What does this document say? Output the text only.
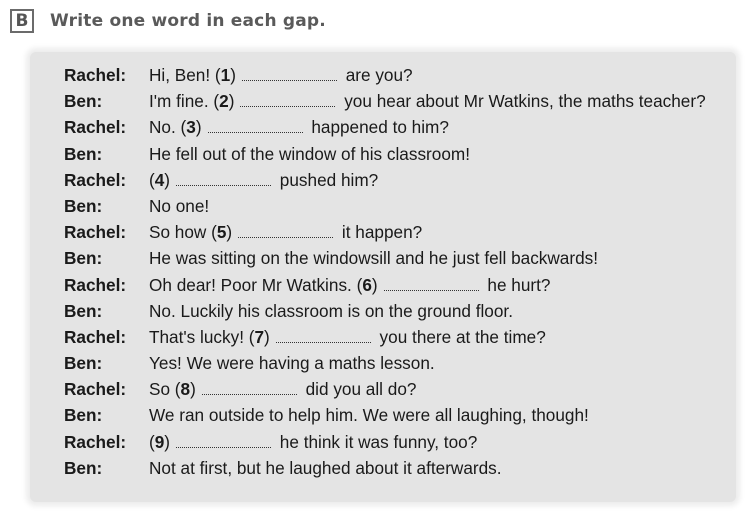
B	Write one word in each gap.
Rachel:	Hi, Ben! (1)	are you?
Ben:	I'm fine. (2)	you hear about Mr Watkins, the maths teacher?
Rachel:	No. (3)	happened to him?
Ben:	He fell out of the window of his classroom!
Rachel:	(4)	pushed him?
Ben:	No one!
Rachel:	So how (5)	it happen?
Ben:	He was sitting on the windowsill and he just fell backwards!
Rachel:	Oh dear! Poor Mr Watkins. (6)	he hurt?
Ben:	No. Luckily his classroom is on the ground floor.
Rachel:	That's lucky! (7)	you there at the time?
Ben:	Yes! We were having a maths lesson.
Rachel:	So (8)	did you all do?
Ben:	We ran outside to help him. We were all laughing, though!
Rachel:	(9)	he think it was funny, too?
Ben:	Not at first, but he laughed about it afterwards.
